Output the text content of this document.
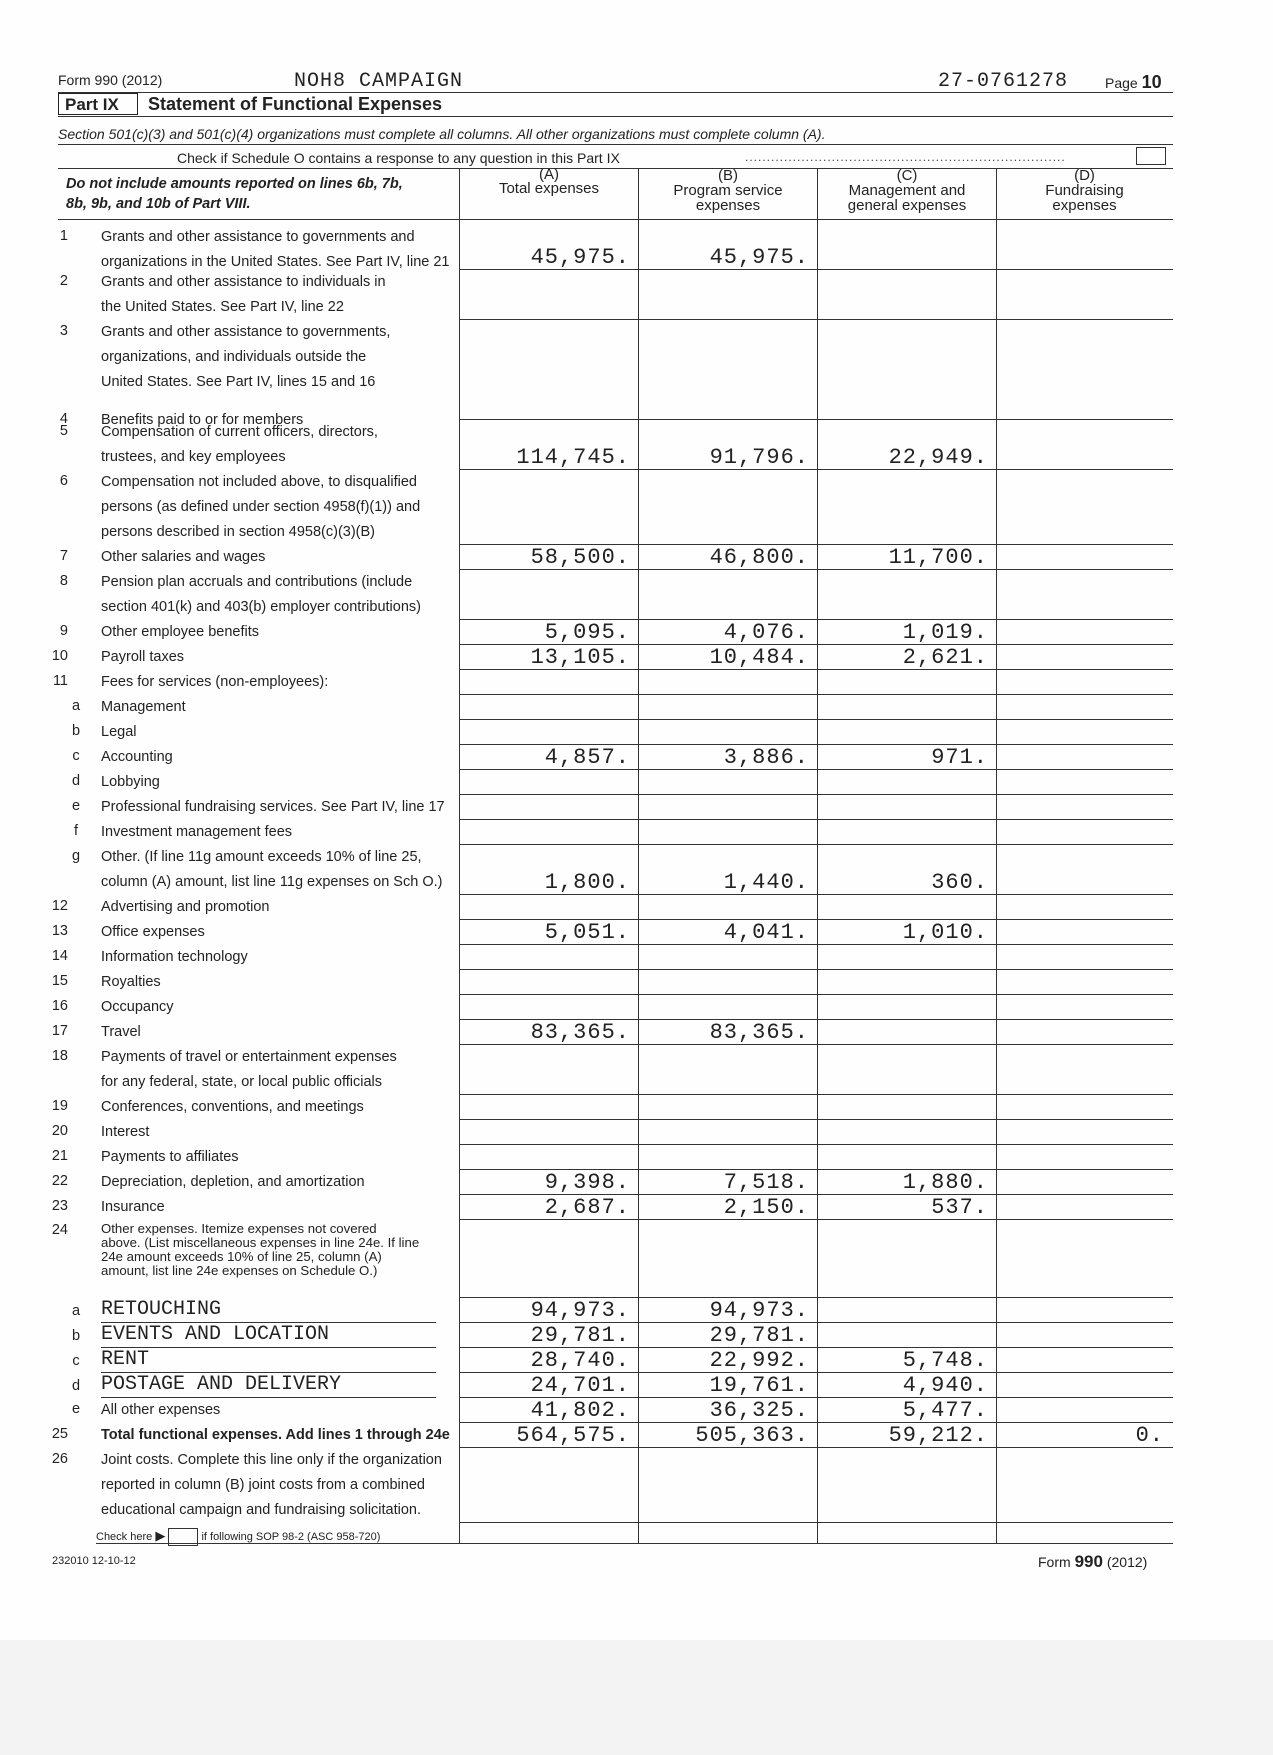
Form 990 (2012)	NOH8 CAMPAIGN	27-0761278	Page 10
Part IX Statement of Functional Expenses
Section 501(c)(3) and 501(c)(4) organizations must complete all columns. All other organizations must complete column (A).
Check if Schedule O contains a response to any question in this Part IX	..........................................................................
Do not include amounts reported on lines 6b, 7b, 8b, 9b, and 10b of Part VIII.
(A)
Total expenses
(B)
Program service
expenses
(C)
Management and
general expenses
(D)
Fundraising
expenses
1 Grants and other assistance to governments and
organizations in the United States. See Part IV, line 21	45,975.	45,975.
2 Grants and other assistance to individuals in
the United States. See Part IV, line 22
3 Grants and other assistance to governments,
organizations, and individuals outside the
United States. See Part IV, lines 15 and 16
4 Benefits paid to or for members
5 Compensation of current officers, directors,
trustees, and key employees	114,745.	91,796.	22,949.
6 Compensation not included above, to disqualified
persons (as defined under section 4958(f)(1)) and
persons described in section 4958(c)(3)(B)
7 Other salaries and wages	58,500.	46,800.	11,700.
8 Pension plan accruals and contributions (include
section 401(k) and 403(b) employer contributions)
9 Other employee benefits	5,095.	4,076.	1,019.
10 Payroll taxes	13,105.	10,484.	2,621.
11 Fees for services (non-employees):
a	Management
b	Legal
c	Accounting	4,857.	3,886.	971.
d	Lobbying
e	Professional fundraising services. See Part IV, line 17
f	Investment management fees
g	Other. (If line 11g amount exceeds 10% of line 25,
column (A) amount, list line 11g expenses on Sch O.)	1,800.	1,440.	360.
12 Advertising and promotion
13 Office expenses	5,051.	4,041.	1,010.
14 Information technology
15 Royalties
16 Occupancy
17 Travel	83,365.	83,365.
18 Payments of travel or entertainment expenses
for any federal, state, or local public officials
19 Conferences, conventions, and meetings
20 Interest
21 Payments to affiliates
22 Depreciation, depletion, and amortization	9,398.	7,518.	1,880.
23 Insurance	2,687.	2,150.	537.
24	Other expenses. Itemize expenses not covered
above. (List miscellaneous expenses in line 24e. If line
24e amount exceeds 10% of line 25, column (A)
amount, list line 24e expenses on Schedule O.)
a	RETOUCHING	94,973.	94,973.
b	EVENTS AND LOCATION	29,781.	29,781.
c	RENT	28,740.	22,992.	5,748.
d	POSTAGE AND DELIVERY	24,701.	19,761.	4,940.
e	All other expenses	41,802.	36,325.	5,477.
25 Total functional expenses. Add lines 1 through 24e	564,575.	505,363.	59,212.	0.
26 Joint costs. Complete this line only if the organization
reported in column (B) joint costs from a combined
educational campaign and fundraising solicitation.
Check here ▶	if following SOP 98-2 (ASC 958-720)
232010 12-10-12	Form 990 (2012)
